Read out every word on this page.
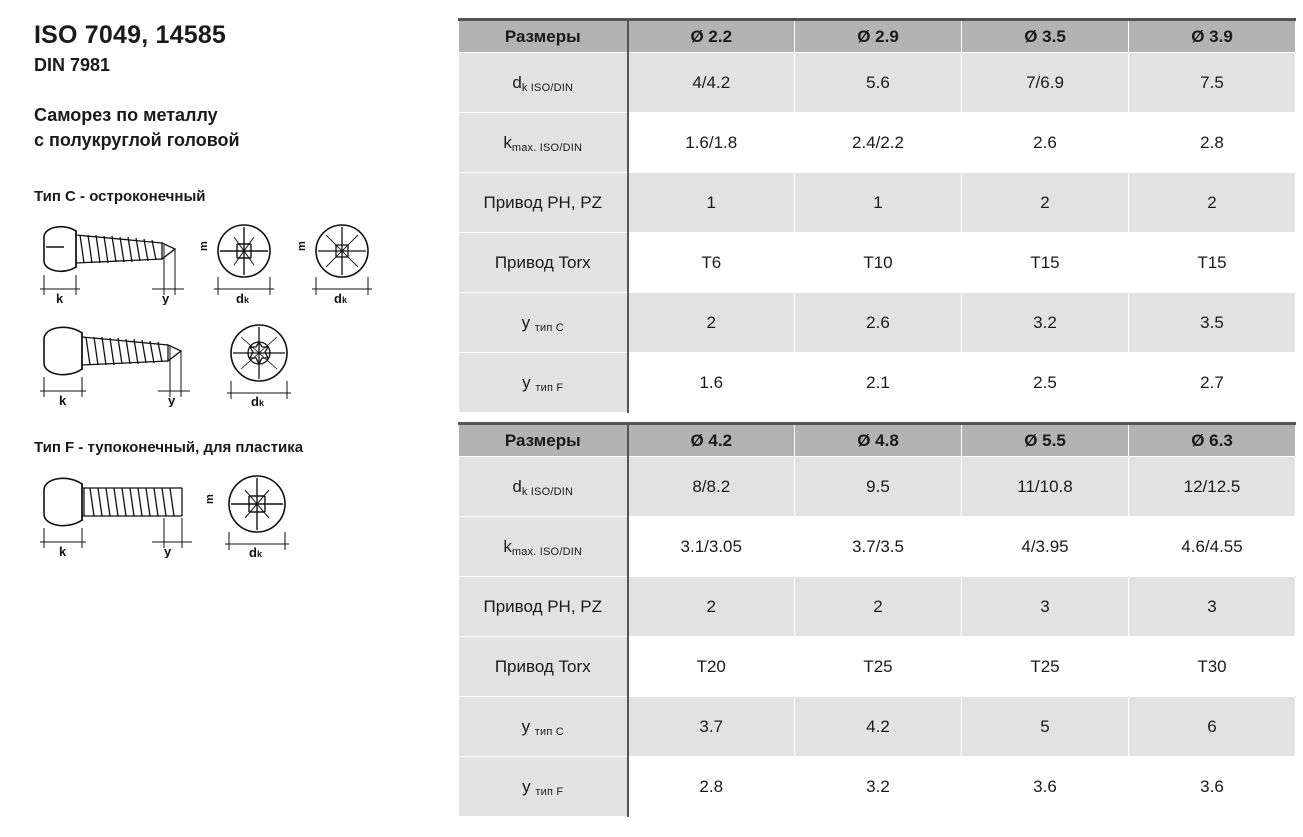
ISO 7049, 14585
DIN 7981
Саморез по металлу
с полукруглой головой
Тип C - остроконечный
k	y	dk	dk
m	m
k	y	dk
Тип F - тупоконечный, для пластика
k	y
m
dk
Размеры	Ø 2.2	Ø 2.9	Ø 3.5	Ø 3.9
dk ISO/DIN	4/4.2	5.6	7/6.9	7.5
kmax. ISO/DIN	1.6/1.8	2.4/2.2	2.6	2.8
Привод PH, PZ	1	1	2	2
Привод Torx	T6	T10	T15	T15
y тип C	2	2.6	3.2	3.5
y тип F	1.6	2.1	2.5	2.7
Размеры	Ø 4.2	Ø 4.8	Ø 5.5	Ø 6.3
dk ISO/DIN	8/8.2	9.5	11/10.8	12/12.5
kmax. ISO/DIN	3.1/3.05	3.7/3.5	4/3.95	4.6/4.55
Привод PH, PZ	2	2	3	3
Привод Torx	T20	T25	T25	T30
y тип C	3.7	4.2	5	6
y тип F	2.8	3.2	3.6	3.6
